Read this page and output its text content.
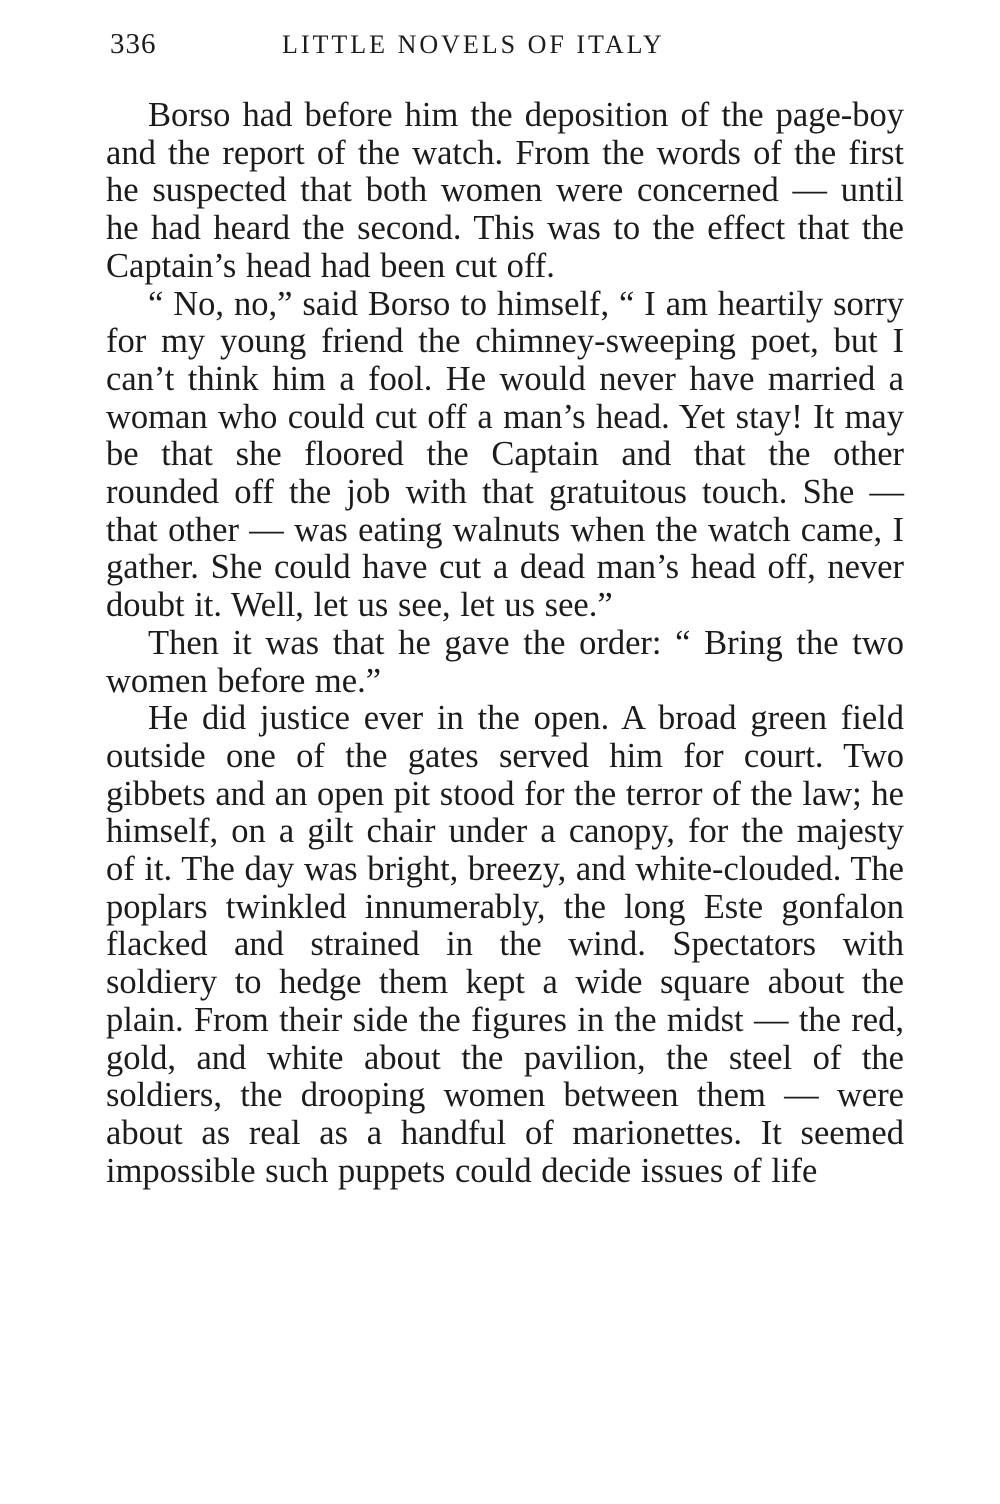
336	LITTLE NOVELS OF ITALY

Borso had before him the deposition of the page-boy and the report of the watch. From the words of the first he suspected that both women were concerned — until he had heard the second. This was to the effect that the Captain’s head had been cut off.

“ No, no,” said Borso to himself, “ I am heartily sorry for my young friend the chimney-sweeping poet, but I can’t think him a fool. He would never have married a woman who could cut off a man’s head. Yet stay! It may be that she floored the Captain and that the other rounded off the job with that gratuitous touch. She — that other — was eating walnuts when the watch came, I gather. She could have cut a dead man’s head off, never doubt it. Well, let us see, let us see.”

Then it was that he gave the order: “ Bring the two women before me.”

He did justice ever in the open. A broad green field outside one of the gates served him for court. Two gibbets and an open pit stood for the terror of the law; he himself, on a gilt chair under a canopy, for the majesty of it. The day was bright, breezy, and white-clouded. The poplars twinkled innumerably, the long Este gonfalon flacked and strained in the wind. Spectators with soldiery to hedge them kept a wide square about the plain. From their side the figures in the midst — the red, gold, and white about the pavilion, the steel of the soldiers, the drooping women between them — were about as real as a handful of marionettes. It seemed impossible such puppets could decide issues of life
